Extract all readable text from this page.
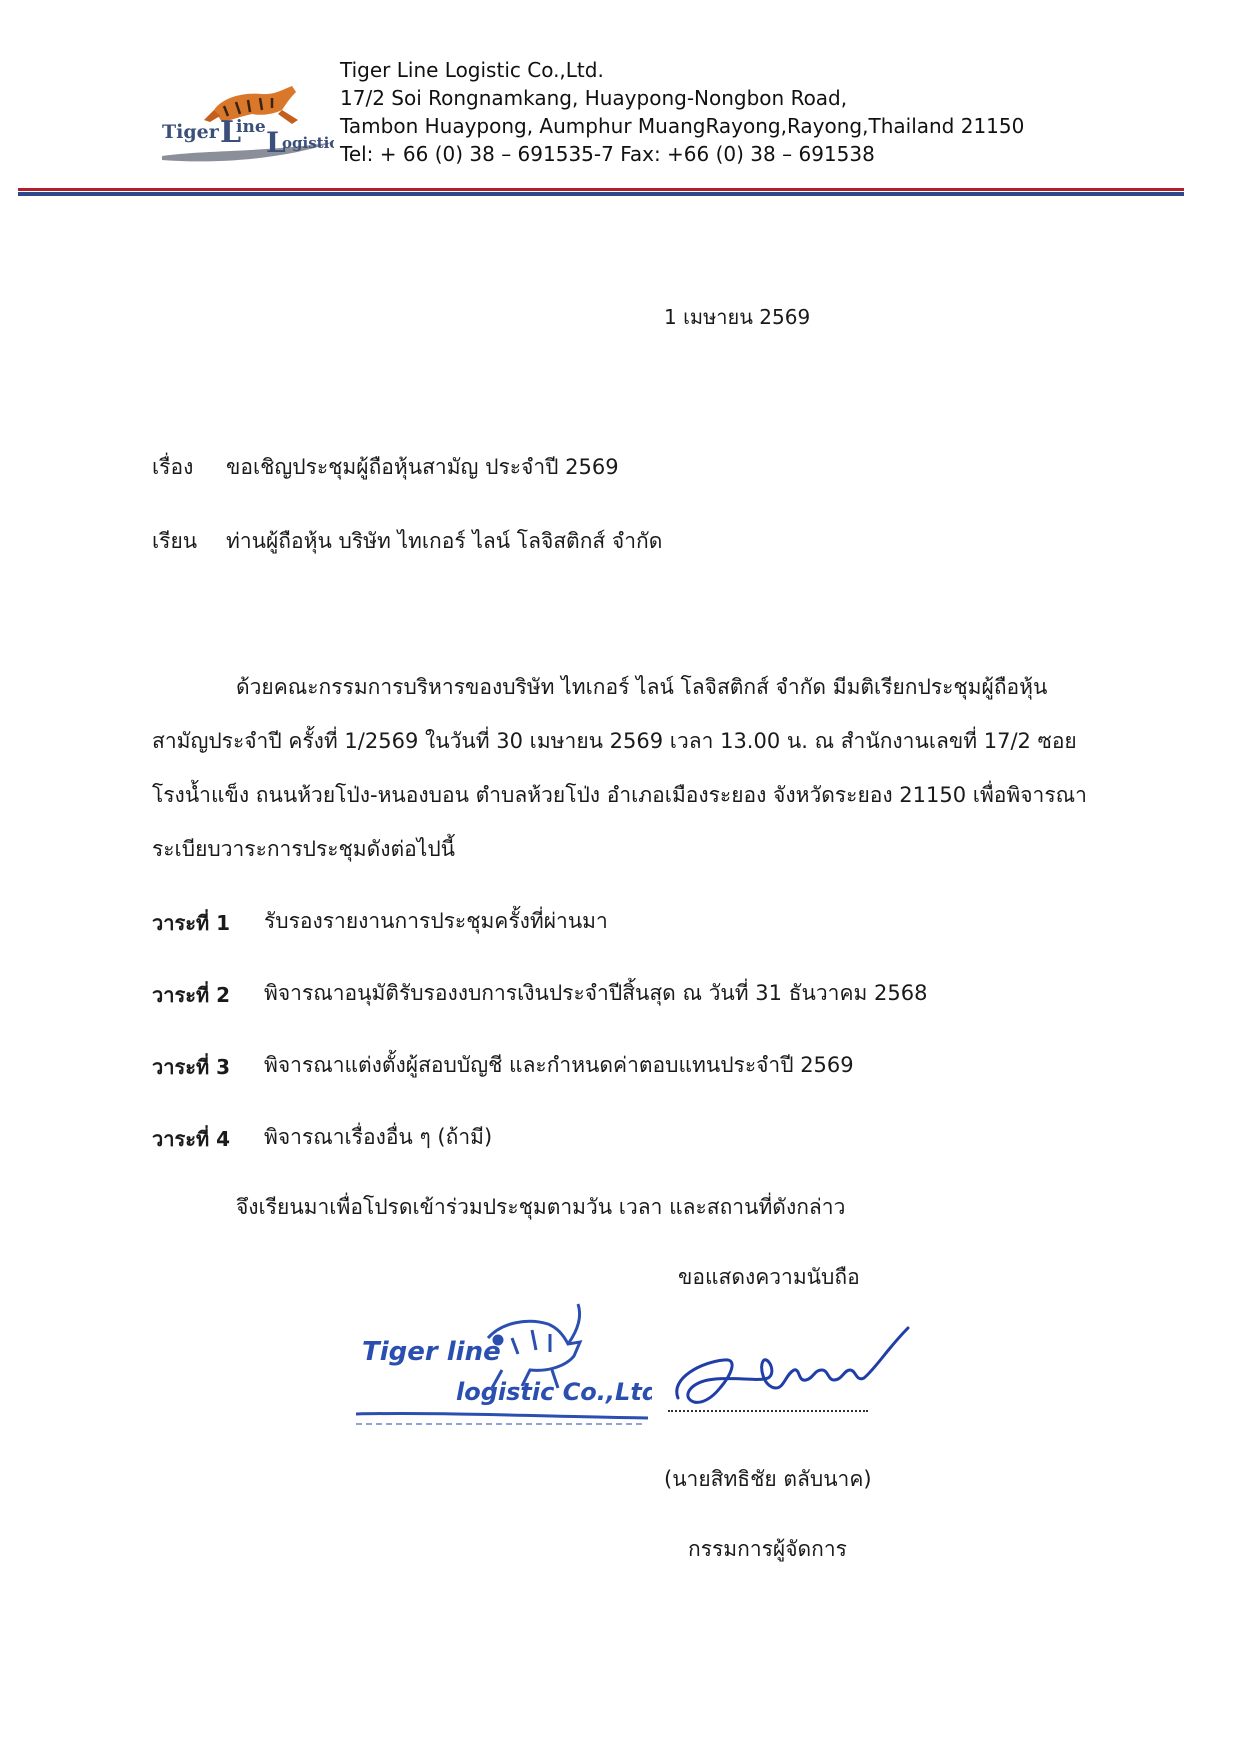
Tiger L
ine L
ogistic
Tiger Line Logistic Co.,Ltd.
17/2 Soi Rongnamkang, Huaypong-Nongbon Road,
Tambon Huaypong, Aumphur MuangRayong,Rayong,Thailand 21150
Tel: + 66 (0) 38 – 691535-7 Fax: +66 (0) 38 – 691538
1 เมษายน 2569
เรื่อง ขอเชิญประชุมผู้ถือหุ้นสามัญ ประจำปี 2569
เรียน ท่านผู้ถือหุ้น บริษัท ไทเกอร์ ไลน์ โลจิสติกส์ จำกัด

ด้วยคณะกรรมการบริหารของบริษัท ไทเกอร์ ไลน์ โลจิสติกส์ จำกัด มีมติเรียกประชุมผู้ถือหุ้น

สามัญประจำปี ครั้งที่ 1/2569 ในวันที่ 30 เมษายน 2569 เวลา 13.00 น. ณ สำนักงานเลขที่ 17/2 ซอย

โรงน้ำแข็ง ถนนห้วยโป่ง-หนองบอน ตำบลห้วยโป่ง อำเภอเมืองระยอง จังหวัดระยอง 21150 เพื่อพิจารณา

ระเบียบวาระการประชุมดังต่อไปนี้

วาระที่ 1 รับรองรายงานการประชุมครั้งที่ผ่านมา
วาระที่ 2 พิจารณาอนุมัติรับรองงบการเงินประจำปีสิ้นสุด ณ วันที่ 31 ธันวาคม 2568
วาระที่ 3 พิจารณาแต่งตั้งผู้สอบบัญชี และกำหนดค่าตอบแทนประจำปี 2569
วาระที่ 4 พิจารณาเรื่องอื่น ๆ (ถ้ามี)
จึงเรียนมาเพื่อโปรดเข้าร่วมประชุมตามวัน เวลา และสถานที่ดังกล่าว
ขอแสดงความนับถือ
Tiger line
logistic Co.,Ltd.
(นายสิทธิชัย ตลับนาค)
กรรมการผู้จัดการ
